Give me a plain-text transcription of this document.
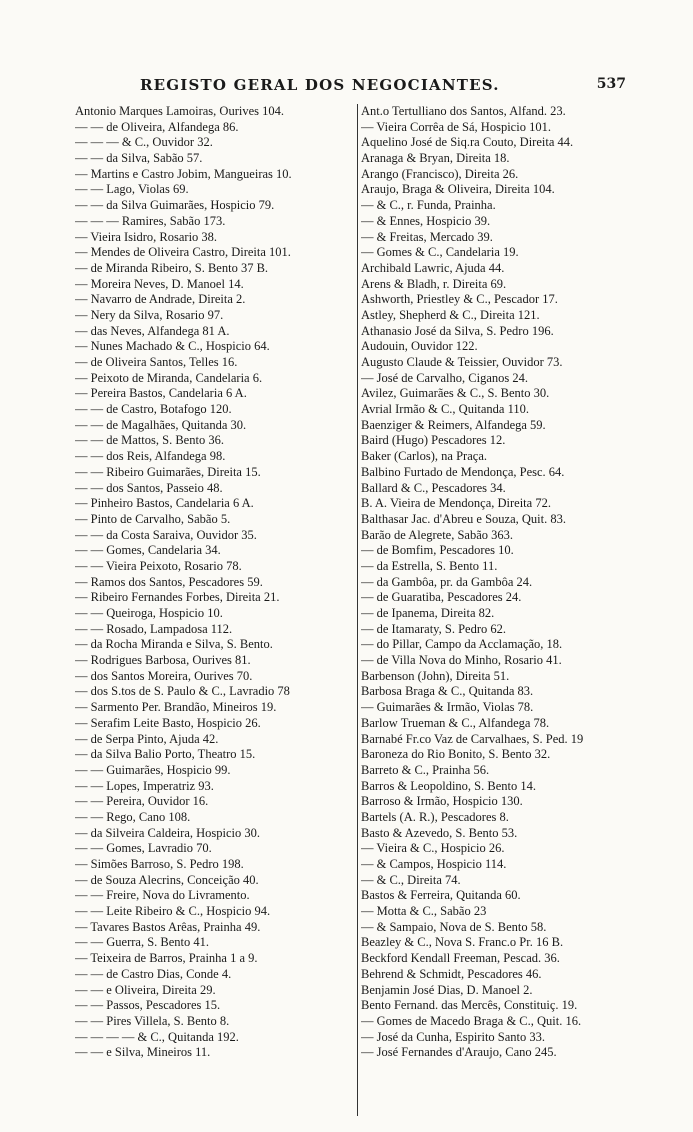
REGISTO GERAL DOS NEGOCIANTES.	537
Antonio Marques Lamoiras, Ourives 104.
— — de Oliveira, Alfandega 86.
— — — & C., Ouvidor 32.
— — da Silva, Sabão 57.
— Martins e Castro Jobim, Mangueiras 10.
— — Lago, Violas 69.
— — da Silva Guimarães, Hospicio 79.
— — — Ramires, Sabão 173.
— Vieira Isidro, Rosario 38.
— Mendes de Oliveira Castro, Direita 101.
— de Miranda Ribeiro, S. Bento 37 B.
— Moreira Neves, D. Manoel 14.
— Navarro de Andrade, Direita 2.
— Nery da Silva, Rosario 97.
— das Neves, Alfandega 81 A.
— Nunes Machado & C., Hospicio 64.
— de Oliveira Santos, Telles 16.
— Peixoto de Miranda, Candelaria 6.
— Pereira Bastos, Candelaria 6 A.
— — de Castro, Botafogo 120.
— — de Magalhães, Quitanda 30.
— — de Mattos, S. Bento 36.
— — dos Reis, Alfandega 98.
— — Ribeiro Guimarães, Direita 15.
— — dos Santos, Passeio 48.
— Pinheiro Bastos, Candelaria 6 A.
— Pinto de Carvalho, Sabão 5.
— — da Costa Saraiva, Ouvidor 35.
— — Gomes, Candelaria 34.
— — Vieira Peixoto, Rosario 78.
— Ramos dos Santos, Pescadores 59.
— Ribeiro Fernandes Forbes, Direita 21.
— — Queiroga, Hospicio 10.
— — Rosado, Lampadosa 112.
— da Rocha Miranda e Silva, S. Bento.
— Rodrigues Barbosa, Ourives 81.
— dos Santos Moreira, Ourives 70.
— dos S.tos de S. Paulo & C., Lavradio 78
— Sarmento Per. Brandão, Mineiros 19.
— Serafim Leite Basto, Hospicio 26.
— de Serpa Pinto, Ajuda 42.
— da Silva Balio Porto, Theatro 15.
— — Guimarães, Hospicio 99.
— — Lopes, Imperatriz 93.
— — Pereira, Ouvidor 16.
— — Rego, Cano 108.
— da Silveira Caldeira, Hospicio 30.
— — Gomes, Lavradio 70.
— Simões Barroso, S. Pedro 198.
— de Souza Alecrins, Conceição 40.
— — Freire, Nova do Livramento.
— — Leite Ribeiro & C., Hospicio 94.
— Tavares Bastos Arêas, Prainha 49.
— — Guerra, S. Bento 41.
— Teixeira de Barros, Prainha 1 a 9.
— — de Castro Dias, Conde 4.
— — e Oliveira, Direita 29.
— — Passos, Pescadores 15.
— — Pires Villela, S. Bento 8.
— — — — & C., Quitanda 192.
— — e Silva, Mineiros 11.
Ant.o Tertulliano dos Santos, Alfand. 23.
— Vieira Corrêa de Sá, Hospicio 101.
Aquelino José de Siq.ra Couto, Direita 44.
Aranaga & Bryan, Direita 18.
Arango (Francisco), Direita 26.
Araujo, Braga & Oliveira, Direita 104.
— & C., r. Funda, Prainha.
— & Ennes, Hospicio 39.
— & Freitas, Mercado 39.
— Gomes & C., Candelaria 19.
Archibald Lawric, Ajuda 44.
Arens & Bladh, r. Direita 69.
Ashworth, Priestley & C., Pescador 17.
Astley, Shepherd & C., Direita 121.
Athanasio José da Silva, S. Pedro 196.
Audouin, Ouvidor 122.
Augusto Claude & Teissier, Ouvidor 73.
— José de Carvalho, Ciganos 24.
Avilez, Guimarães & C., S. Bento 30.
Avrial Irmão & C., Quitanda 110.
Baenziger & Reimers, Alfandega 59.
Baird (Hugo) Pescadores 12.
Baker (Carlos), na Praça.
Balbino Furtado de Mendonça, Pesc. 64.
Ballard & C., Pescadores 34.
B. A. Vieira de Mendonça, Direita 72.
Balthasar Jac. d'Abreu e Souza, Quit. 83.
Barão de Alegrete, Sabão 363.
— de Bomfim, Pescadores 10.
— da Estrella, S. Bento 11.
— da Gambôa, pr. da Gambôa 24.
— de Guaratiba, Pescadores 24.
— de Ipanema, Direita 82.
— de Itamaraty, S. Pedro 62.
— do Pillar, Campo da Acclamação, 18.
— de Villa Nova do Minho, Rosario 41.
Barbenson (John), Direita 51.
Barbosa Braga & C., Quitanda 83.
— Guimarães & Irmão, Violas 78.
Barlow Trueman & C., Alfandega 78.
Barnabé Fr.co Vaz de Carvalhaes, S. Ped. 19
Baroneza do Rio Bonito, S. Bento 32.
Barreto & C., Prainha 56.
Barros & Leopoldino, S. Bento 14.
Barroso & Irmão, Hospicio 130.
Bartels (A. R.), Pescadores 8.
Basto & Azevedo, S. Bento 53.
— Vieira & C., Hospicio 26.
— & Campos, Hospicio 114.
— & C., Direita 74.
Bastos & Ferreira, Quitanda 60.
— Motta & C., Sabão 23
— & Sampaio, Nova de S. Bento 58.
Beazley & C., Nova S. Franc.o Pr. 16 B.
Beckford Kendall Freeman, Pescad. 36.
Behrend & Schmidt, Pescadores 46.
Benjamin José Dias, D. Manoel 2.
Bento Fernand. das Mercês, Constituiç. 19.
— Gomes de Macedo Braga & C., Quit. 16.
— José da Cunha, Espirito Santo 33.
— José Fernandes d'Araujo, Cano 245.
